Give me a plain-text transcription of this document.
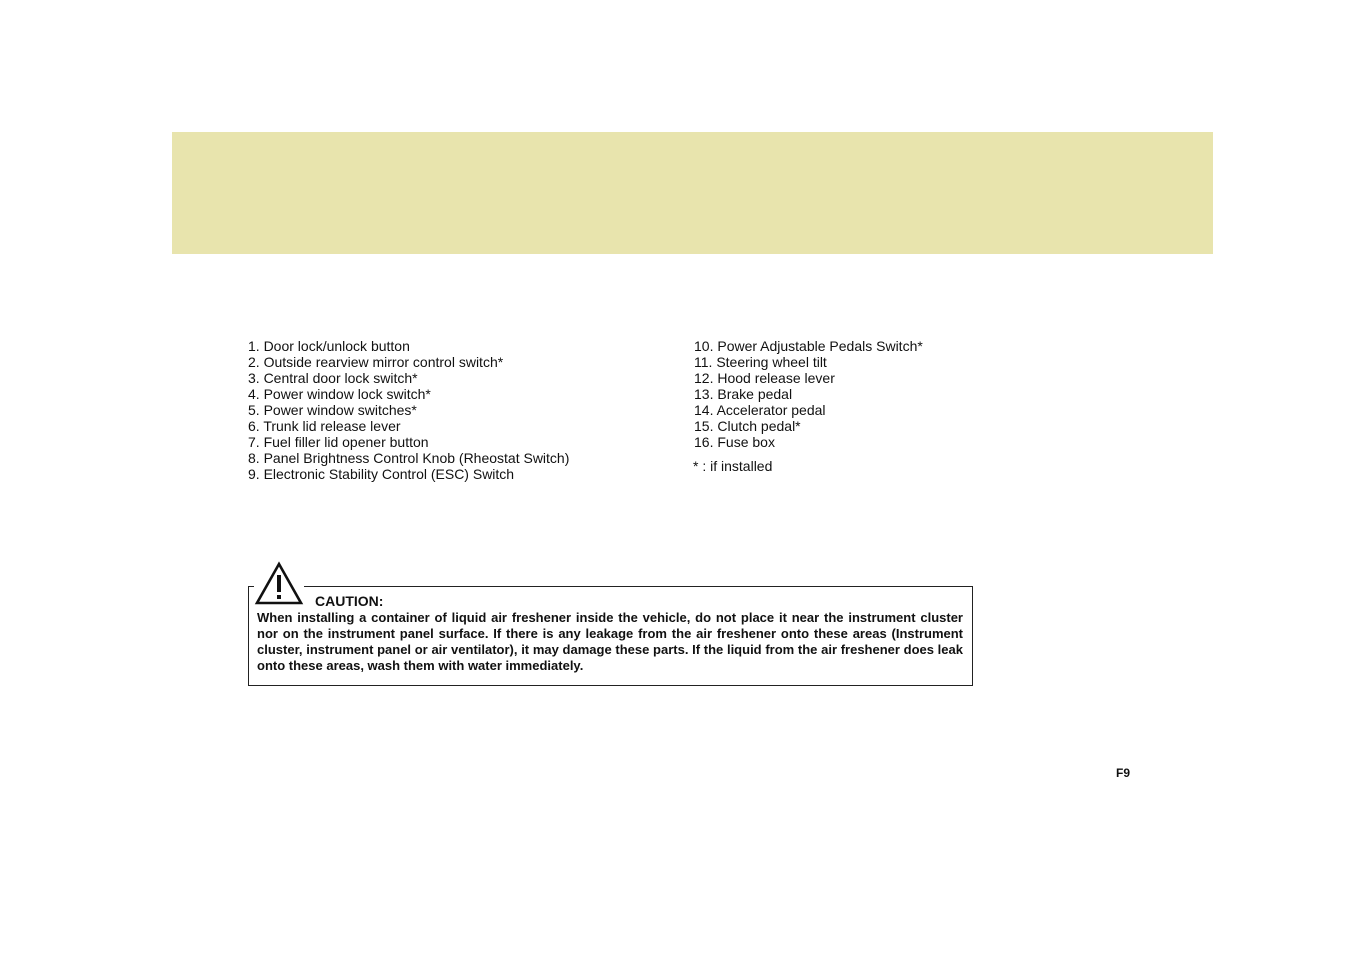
1. Door lock/unlock button
2. Outside rearview mirror control switch*
3. Central door lock switch*
4. Power window lock switch*
5. Power window switches*
6. Trunk lid release lever
7. Fuel filler lid opener button
8. Panel Brightness Control Knob (Rheostat Switch)
9. Electronic Stability Control (ESC) Switch
10. Power Adjustable Pedals Switch*
11. Steering wheel tilt
12. Hood release lever
13. Brake pedal
14. Accelerator pedal
15. Clutch pedal*
16. Fuse box
* : if installed
CAUTION:

When installing a container of liquid air freshener inside the vehicle, do not place it near the instrument cluster nor on the instrument panel surface. If there is any leakage from the air freshener onto these areas (Instrument cluster, instrument panel or air ventilator), it may damage these parts. If the liquid from the air freshener does leak onto these areas, wash them with water immediately.

F9
